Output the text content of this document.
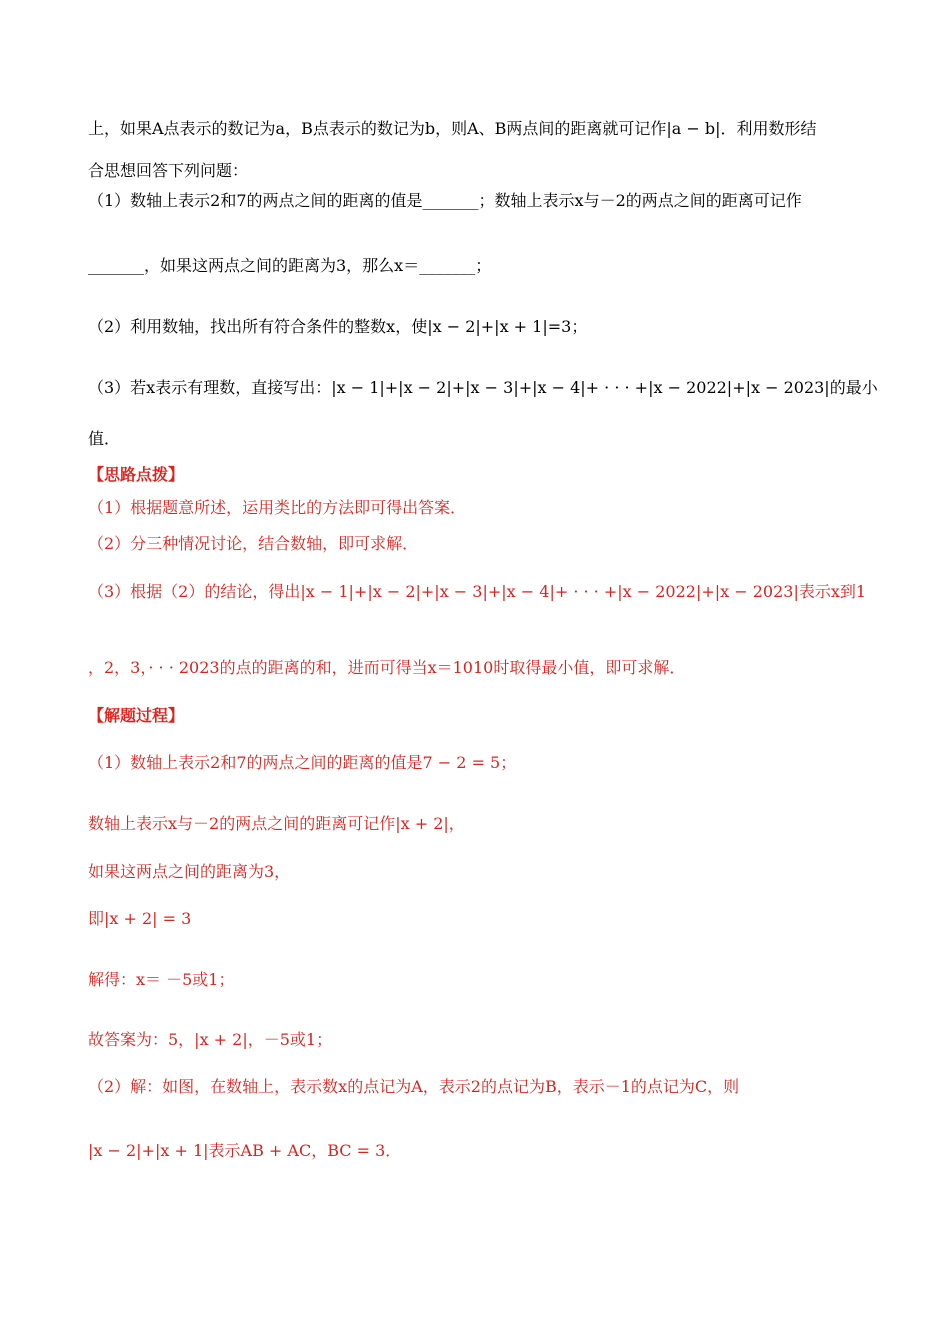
上，如果A点表示的数记为a，B点表示的数记为b，则A、B两点间的距离就可记作|a − b|．利用数形结
合思想回答下列问题：
（1）数轴上表示2和7的两点之间的距离的值是_______；数轴上表示x与－2的两点之间的距离可记作
_______，如果这两点之间的距离为3，那么x＝_______；
（2）利用数轴，找出所有符合条件的整数x，使|x − 2|+|x + 1|=3；
（3）若x表示有理数，直接写出：|x − 1|+|x − 2|+|x − 3|+|x − 4|+ · · · +|x − 2022|+|x − 2023|的最小
值．
【思路点拨】
（1）根据题意所述，运用类比的方法即可得出答案．
（2）分三种情况讨论，结合数轴，即可求解．
（3）根据（2）的结论，得出|x − 1|+|x − 2|+|x − 3|+|x − 4|+ · · · +|x − 2022|+|x − 2023|表示x到1
，2，3，· · · 2023的点的距离的和，进而可得当x＝1010时取得最小值，即可求解．
【解题过程】
（1）数轴上表示2和7的两点之间的距离的值是7 − 2 = 5；
数轴上表示x与－2的两点之间的距离可记作|x + 2|，
如果这两点之间的距离为3，
即|x + 2| = 3
解得：x＝ －5或1；
故答案为：5，|x + 2|，－5或1；
（2）解：如图，在数轴上，表示数x的点记为A，表示2的点记为B，表示－1的点记为C，则
|x − 2|+|x + 1|表示AB + AC，BC = 3．
